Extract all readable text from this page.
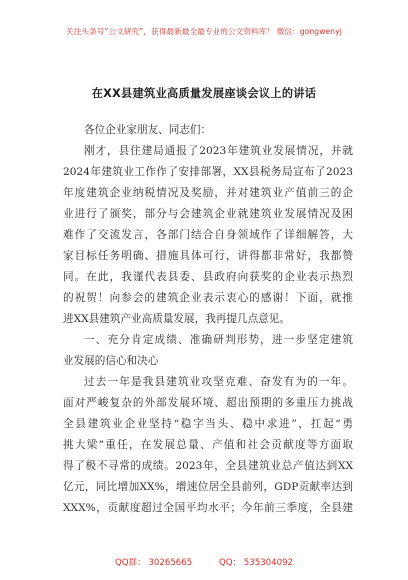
关注头条号“公文研究”，获得最新最全最专业的公文资料库！ 微信：gongwenyj
在XX县建筑业高质量发展座谈会议上的讲话
各位企业家朋友、同志们：
刚才，县住建局通报了2023年建筑业发展情况，并就
2024年建筑业工作作了安排部署，XX县税务局宣布了2023
年度建筑企业纳税情况及奖励，并对建筑业产值前三的企
业进行了颁奖，部分与会建筑企业就建筑业发展情况及困
难作了交流发言，各部门结合自身领域作了详细解答，大
家目标任务明确、措施具体可行，讲得都非常好，我都赞
同。在此，我谨代表县委、县政府向获奖的企业表示热烈
的祝贺！向参会的建筑企业表示衷心的感谢！下面，就推
进XX县建筑产业高质量发展，我再提几点意见。
一、充分肯定成绩、准确研判形势，进一步坚定建筑
业发展的信心和决心
过去一年是我县建筑业攻坚克难、奋发有为的一年。
面对严峻复杂的外部发展环境、超出预期的多重压力挑战
全县建筑业企业坚持“稳字当头、稳中求进”，扛起“勇
挑大梁”重任，在发展总量、产值和社会贡献度等方面取
得了极不寻常的成绩。2023年，全县建筑业总产值达到XX
亿元，同比增加XX%，增速位居全县前列，GDP贡献率达到
XXX%，贡献度超过全国平均水平；今年前三季度，全县建
QQ群： 30265665	QQ： 535304092
